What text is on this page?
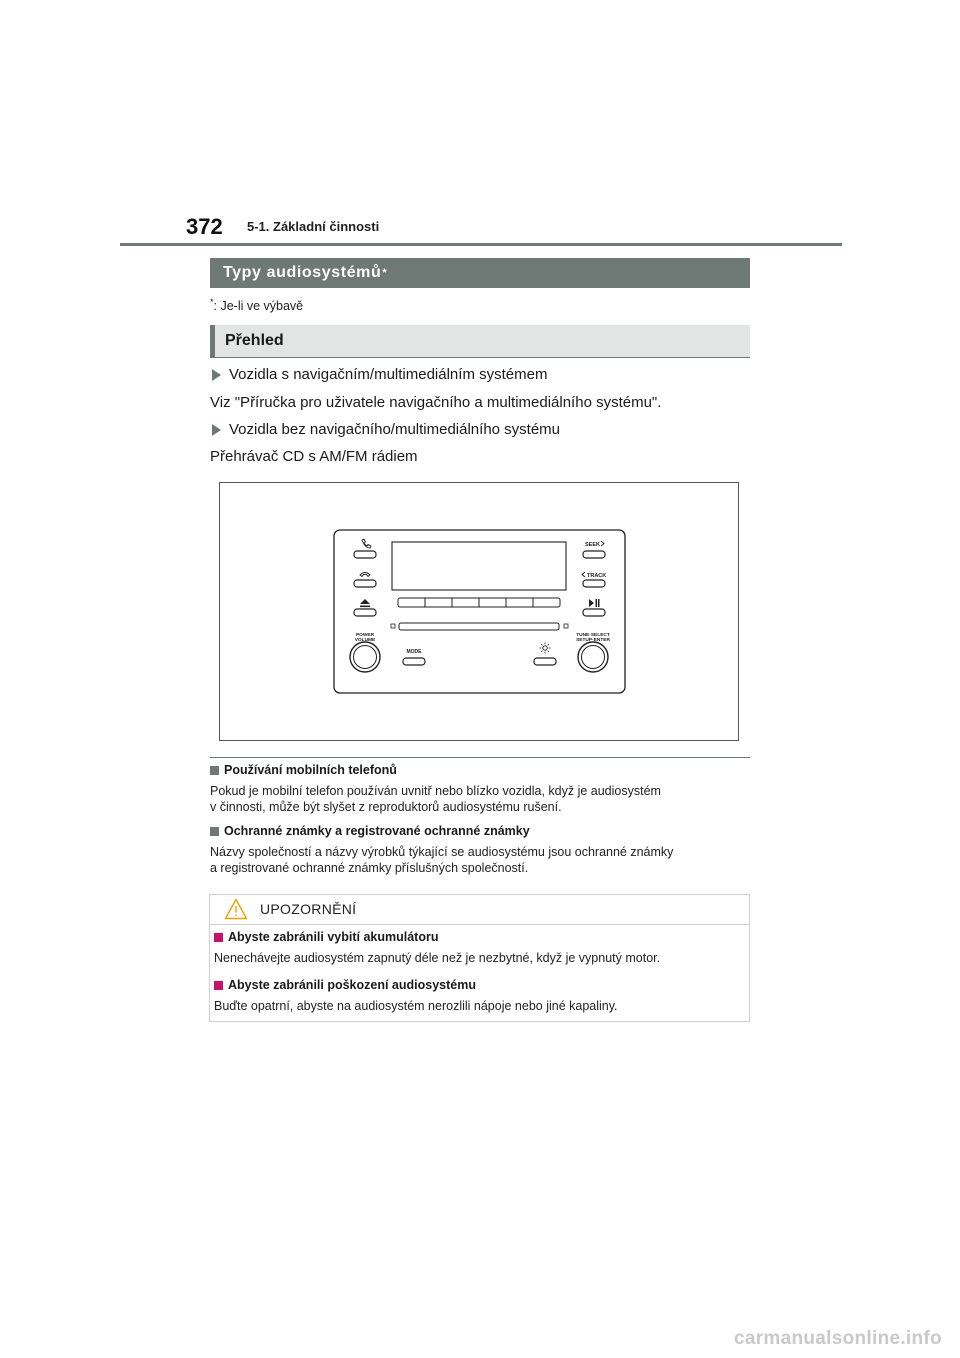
372 5-1. Základní činnosti
Typy audiosystémů *
*: Je-li ve výbavě
Přehled
Vozidla s navigačním/multimediálním systémem
Viz "Příručka pro uživatele navigačního a multimediálního systému".
Vozidla bez navigačního/multimediálního systému
Přehrávač CD s AM/FM rádiem
SEEK
TRACK
POWER
VOLUME
TUNE·SELECT
SETUP·ENTER
MODE
Používání mobilních telefonů
Pokud je mobilní telefon používán uvnitř nebo blízko vozidla, když je audiosystém
v činnosti, může být slyšet z reproduktorů audiosystému rušení.
Ochranné známky a registrované ochranné známky
Názvy společností a názvy výrobků týkající se audiosystému jsou ochranné známky
a registrované ochranné známky příslušných společností.
UPOZORNĚNÍ
Abyste zabránili vybití akumulátoru
Nenechávejte audiosystém zapnutý déle než je nezbytné, když je vypnutý motor.
Abyste zabránili poškození audiosystému
Buďte opatrní, abyste na audiosystém nerozlili nápoje nebo jiné kapaliny.
carmanualsonline.info
